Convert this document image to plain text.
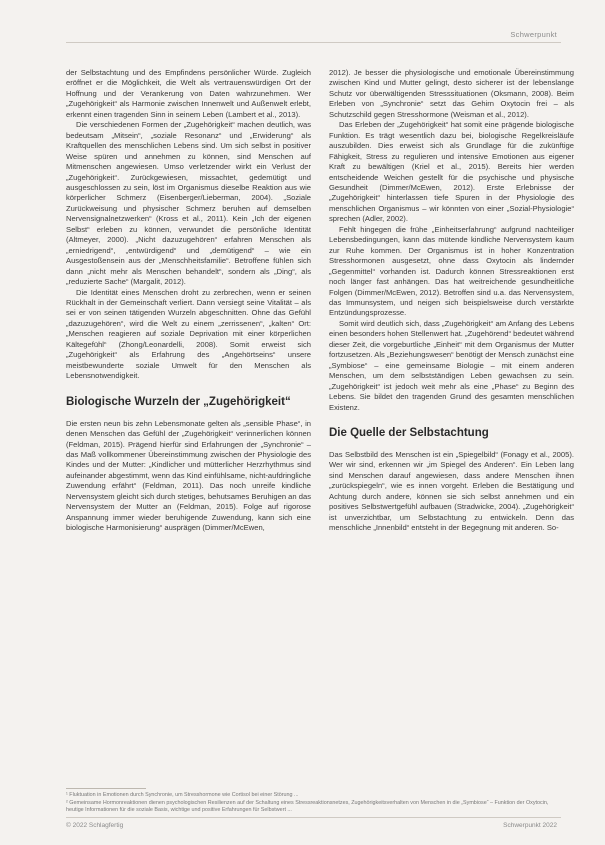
Schwerpunkt

der Selbstachtung und des Empfindens persönlicher Würde. Zugleich eröffnet er die Möglichkeit, die Welt als vertrauenswürdigen Ort der Hoffnung und der Verankerung von Daten wahrzunehmen. Wer „Zugehörigkeit“ als Harmonie zwischen Innenwelt und Außenwelt erlebt, erkennt einen tragenden Sinn in seinem Leben (Lambert et al., 2013).

Die verschiedenen Formen der „Zugehörigkeit“ machen deutlich, was bedeutsam „Mitsein“, „soziale Resonanz“ und „Erwiderung“ als Kraftquellen des menschlichen Lebens sind. Um sich selbst in positiver Weise spüren und annehmen zu können, sind Menschen auf Mitmenschen angewiesen. Umso verletzender wirkt ein Verlust der „Zugehörigkeit“. Zurückgewiesen, missachtet, gedemütigt und ausgeschlossen zu sein, löst im Organismus dieselbe Reaktion aus wie körperlicher Schmerz (Eisenberger/Lieberman, 2004). „Soziale Zurückweisung und physischer Schmerz beruhen auf demselben Nervensignalnetzwerken“ (Kross et al., 2011). Kein „Ich der eigenen Selbst“ erleben zu können, verwundet die persönliche Identität (Altmeyer, 2000). „Nicht dazuzugehören“ erfahren Menschen als „erniedrigend“, „entwürdigend“ und „demütigend“ – wie ein Ausgestoßensein aus der „Menschheitsfamilie“. Betroffene fühlen sich dann „nicht mehr als Menschen behandelt“, sondern als „Ding“, als „reduzierte Sache“ (Margalit, 2012).

Die Identität eines Menschen droht zu zerbrechen, wenn er seinen Rückhalt in der Gemeinschaft verliert. Dann versiegt seine Vitalität – als sei er von seinen tätigenden Wurzeln abgeschnitten. Ohne das Gefühl „dazuzugehören“, wird die Welt zu einem „zerrissenen“, „kalten“ Ort: „Menschen reagieren auf soziale Deprivation mit einer körperlichen Kältegefühl“ (Zhong/Leonardelli, 2008). Somit erweist sich „Zugehörigkeit“ als Erfahrung des „Angehörtseins“ unsere meistbewunderte soziale Umwelt für den Menschen als Lebensnotwendigkeit.

Biologische Wurzeln der „Zugehörigkeit“

Die ersten neun bis zehn Lebensmonate gelten als „sensible Phase“, in denen Menschen das Gefühl der „Zugehörigkeit“ verinnerlichen können (Feldman, 2015). Prägend hierfür sind Erfahrungen der „Synchronie“ – das Maß vollkommener Übereinstimmung zwischen der Physiologie des Kindes und der Mutter: „Kindlicher und mütterlicher Herzrhythmus sind aufeinander abgestimmt, wenn das Kind einfühlsame, nicht-aufdringliche Zuwendung erfährt“ (Feldman, 2011). Das noch unreife kindliche Nervensystem gleicht sich durch stetiges, behutsames Beruhigen an das Nervensystem der Mutter an (Feldman, 2015). Folge auf rigorose Anspannung immer wieder beruhigende Zuwendung, kann sich eine biologische Harmonisierung“ ausprägen (Dimmer/McEwen,

2012). Je besser die physiologische und emotionale Übereinstimmung zwischen Kind und Mutter gelingt, desto sicherer ist der lebenslange Schutz vor überwältigenden Stresssituationen (Oksmann, 2008). Beim Erleben von „Synchronie“ setzt das Gehirn Oxytocin frei – als Schutzschild gegen Stresshormone (Weisman et al., 2012).

Das Erleben der „Zugehörigkeit“ hat somit eine prägende biologische Funktion. Es trägt wesentlich dazu bei, biologische Regelkreisläufe auszubilden. Dies erweist sich als Grundlage für die zukünftige Fähigkeit, Stress zu regulieren und intensive Emotionen aus eigener Kraft zu bewältigen (Kriel et al., 2015). Bereits hier werden entscheidende Weichen gestellt für die psychische und physische Gesundheit (Dimmer/McEwen, 2012). Erste Erlebnisse der „Zugehörigkeit“ hinterlassen tiefe Spuren in der Physiologie des menschlichen Organismus – wir könnten von einer „Sozial-Physiologie“ sprechen (Adler, 2002).

Fehlt hingegen die frühe „Einheitserfahrung“ aufgrund nachteiliger Lebensbedingungen, kann das mütende kindliche Nervensystem kaum zur Ruhe kommen. Der Organismus ist in hoher Konzentration Stresshormonen ausgesetzt, ohne dass Oxytocin als lindernder „Gegenmittel“ vorhanden ist. Dadurch können Stressreaktionen erst noch länger fast anhängen. Das hat weitreichende gesundheitliche Folgen (Dimmer/McEwen, 2012). Betroffen sind u.a. das Nervensystem, das Immunsystem, und neigen sich beispielsweise durch verstärkte Entzündungsprozesse.

Somit wird deutlich sich, dass „Zugehörigkeit“ am Anfang des Lebens einen besonders hohen Stellenwert hat. „Zugehörend“ bedeutet während dieser Zeit, die vorgeburtliche „Einheit“ mit dem Organismus der Mutter fortzusetzen. Als „Beziehungswesen“ benötigt der Mensch zunächst eine „Symbiose“ – eine gemeinsame Biologie – mit einem anderen Menschen, um dem selbstständigen Leben gewachsen zu sein. „Zugehörigkeit“ ist jedoch weit mehr als eine „Phase“ zu Beginn des Lebens. Sie bildet den tragenden Grund des gesamten menschlichen Existenz.

Die Quelle der Selbstachtung

Das Selbstbild des Menschen ist ein „Spiegelbild“ (Fonagy et al., 2005). Wer wir sind, erkennen wir „im Spiegel des Anderen“. Ein Leben lang sind Menschen darauf angewiesen, dass andere Menschen ihnen „zurückspiegeln“, wie es innen vorgeht. Erleben die Bestätigung und Achtung durch andere, können sie sich selbst annehmen und ein positives Selbstwertgefühl aufbauen (Stradwicke, 2004). „Zugehörigkeit“ ist unverzichtbar, um Selbstachtung zu entwickeln. Denn das menschliche „Innenbild“ entsteht in der Begegnung mit anderen. So-

¹ Fluktuation in Emotionen durch Synchronie, um Stresshormone wie Cortisol bei einer Störung ...

² Gemeinsame Hormonreaktionen dienen psychologischen Resilienzen auf der Schaltung eines Stressreaktionsnetzes, Zugehörigkeitsverhalten von Menschen in die „Symbiose“ – Funktion der Oxytocin, heutige Informationen für die soziale Basis, wichtige und positive Erfahrungen für Selbstwert ...

© 2022 Schlagfertig	Schwerpunkt 2022
